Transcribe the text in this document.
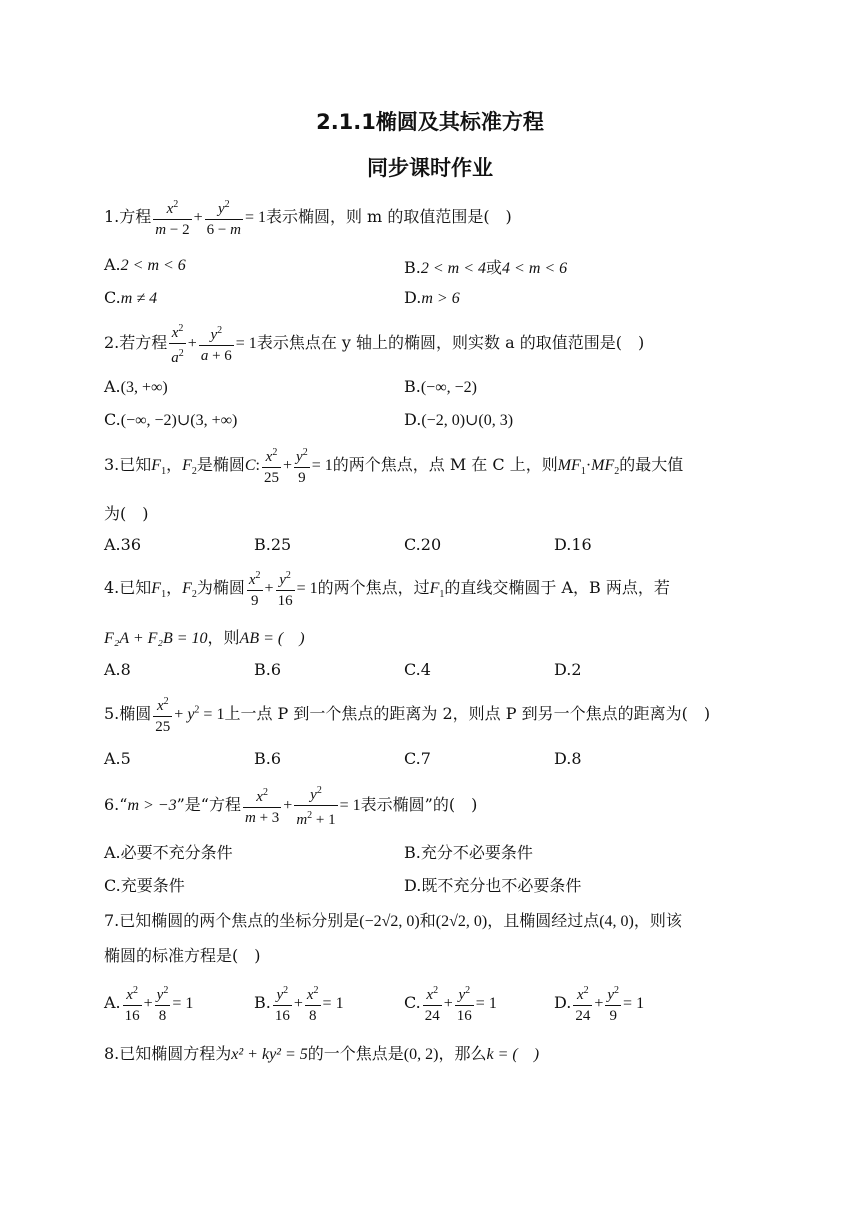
2.1.1椭圆及其标准方程
同步课时作业
1.方程 $\frac{x^2}{m - 2} + \frac{y^2}{6 - m} = 1$表示椭圆，则 m 的取值范围是(　)
A.2 < m < 6	B.2 < m < 4或4 < m < 6
C.m ≠ 4	D.m > 6
2.若方程 $\frac{x^2}{a^2} + \frac{y^2}{a + 6} = 1$表示焦点在 y 轴上的椭圆，则实数 a 的取值范围是(　)
A.(3, +∞)	B.(−∞, −2)
C.(−∞, −2)∪(3, +∞)	D.(−2, 0)∪(0, 3)
3.已知$F_1$，$F_2$是椭圆C: $\frac{x^2}{25} + \frac{y^2}{9} = 1$的两个焦点，点 M 在 C 上，则$MF_1\cdot MF_2$的最大值
为(　)
A.36	B.25	C.20	D.16
4.已知$F_1$，$F_2$为椭圆 $\frac{x^2}{9} + \frac{y^2}{16} = 1$的两个焦点，过$F_1$的直线交椭圆于 A，B 两点，若
F₂A + F₂B = 10，则AB = (　)
A.8	B.6	C.4	D.2
5.椭圆 $\frac{x^2}{25} + y^2 = 1$上一点 P 到一个焦点的距离为 2，则点 P 到另一个焦点的距离为(　)
A.5	B.6	C.7	D.8
6.“m > −3”是“方程 $\frac{x^2}{m + 3} + \frac{y^2}{m^2 + 1} = 1$表示椭圆”的(　)
A.必要不充分条件	B.充分不必要条件
C.充要条件	D.既不充分也不必要条件
7.已知椭圆的两个焦点的坐标分别是(−2√2, 0)和(2√2, 0)，且椭圆经过点(4, 0)，则该
椭圆的标准方程是(　)
A. $\frac{x^2}{16} + \frac{y^2}{8} = 1$	B. $\frac{y^2}{16} + \frac{x^2}{8} = 1$	C. $\frac{x^2}{24} + \frac{y^2}{16} = 1$	D. $\frac{x^2}{24} + \frac{y^2}{9} = 1$
8.已知椭圆方程为x² + ky² = 5的一个焦点是(0, 2)，那么k = (　)
